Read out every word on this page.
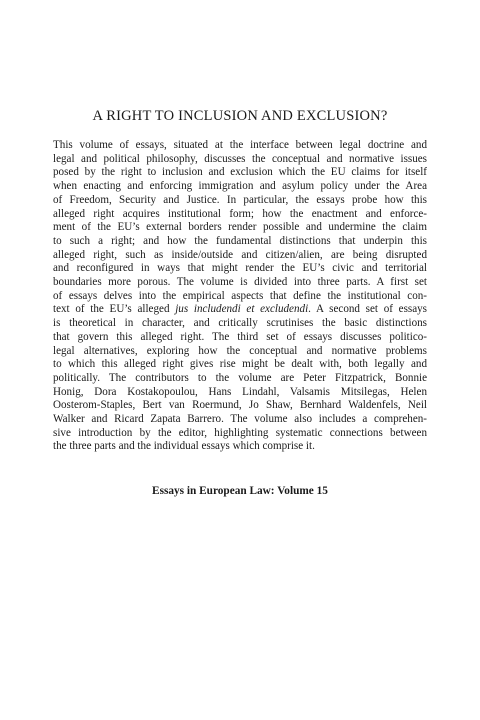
A RIGHT TO INCLUSION AND EXCLUSION?
This volume of essays, situated at the interface between legal doctrine and
legal and political philosophy, discusses the conceptual and normative issues
posed by the right to inclusion and exclusion which the EU claims for itself
when enacting and enforcing immigration and asylum policy under the Area
of Freedom, Security and Justice. In particular, the essays probe how this
alleged right acquires institutional form; how the enactment and enforce-
ment of the EU’s external borders render possible and undermine the claim
to such a right; and how the fundamental distinctions that underpin this
alleged right, such as inside/outside and citizen/alien, are being disrupted
and reconfigured in ways that might render the EU’s civic and territorial
boundaries more porous. The volume is divided into three parts. A first set
of essays delves into the empirical aspects that define the institutional con-
text of the EU’s alleged jus includendi et excludendi. A second set of essays
is theoretical in character, and critically scrutinises the basic distinctions
that govern this alleged right. The third set of essays discusses politico-
legal alternatives, exploring how the conceptual and normative problems
to which this alleged right gives rise might be dealt with, both legally and
politically. The contributors to the volume are Peter Fitzpatrick, Bonnie
Honig, Dora Kostakopoulou, Hans Lindahl, Valsamis Mitsilegas, Helen
Oosterom-Staples, Bert van Roermund, Jo Shaw, Bernhard Waldenfels, Neil
Walker and Ricard Zapata Barrero. The volume also includes a comprehen-
sive introduction by the editor, highlighting systematic connections between
the three parts and the individual essays which comprise it.

Essays in European Law: Volume 15
